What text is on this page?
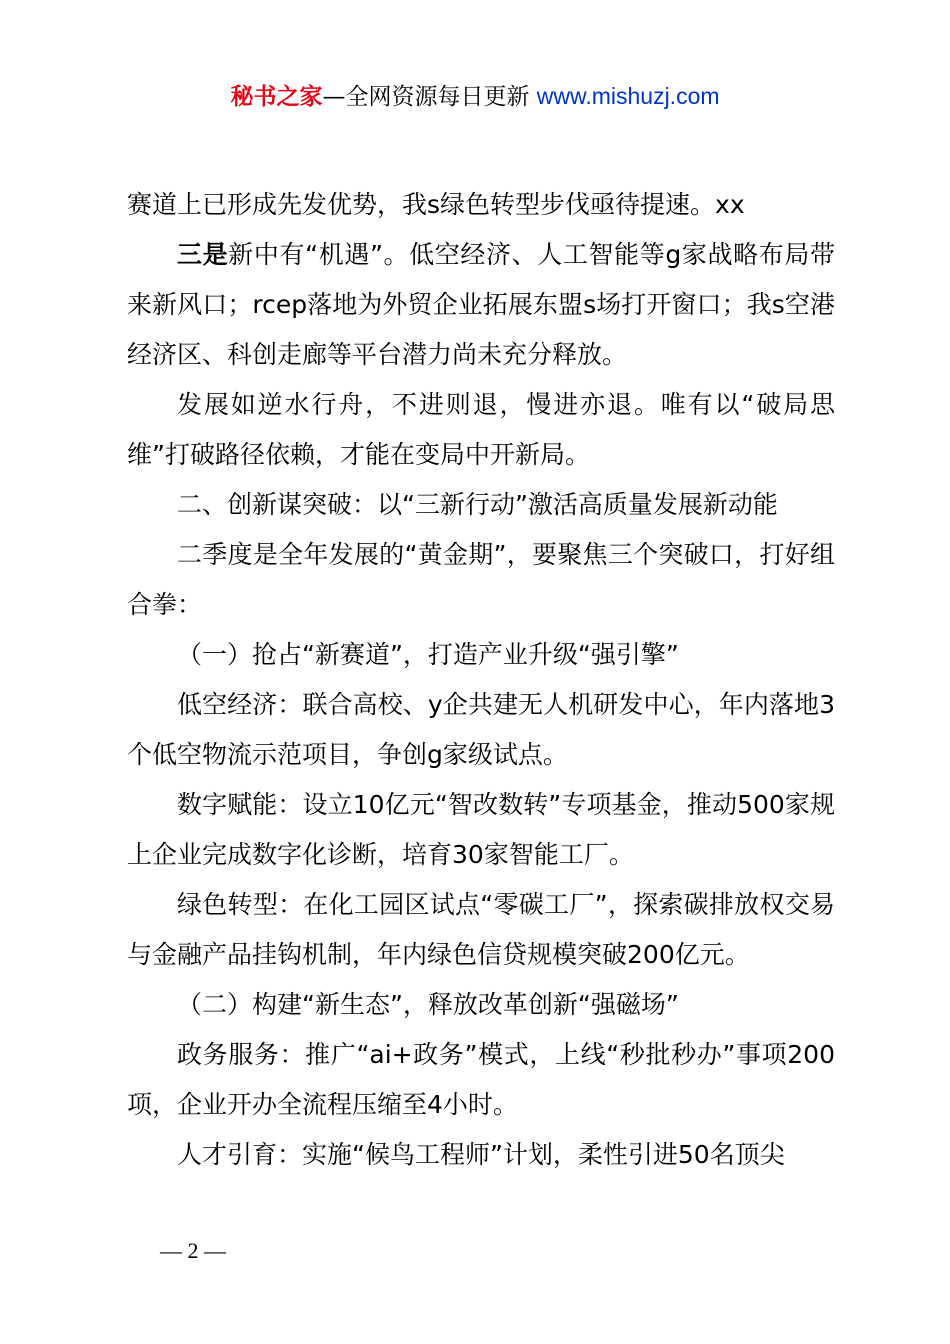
秘书之家—全网资源每日更新 www.mishuzj.com

赛道上已形成先发优势，我s绿色转型步伐亟待提速。xx

三是新中有“机遇”。低空经济、人工智能等g家战略布局带来新风口；rcep落地为外贸企业拓展东盟s场打开窗口；我s空港经济区、科创走廊等平台潜力尚未充分释放。

发展如逆水行舟，不进则退，慢进亦退。唯有以“破局思维”打破路径依赖，才能在变局中开新局。

二、创新谋突破：以“三新行动”激活高质量发展新动能

二季度是全年发展的“黄金期”，要聚焦三个突破口，打好组合拳：

（一）抢占“新赛道”，打造产业升级“强引擎”

低空经济：联合高校、y企共建无人机研发中心，年内落地3个低空物流示范项目，争创g家级试点。

数字赋能：设立10亿元“智改数转”专项基金，推动500家规上企业完成数字化诊断，培育30家智能工厂。

绿色转型：在化工园区试点“零碳工厂”，探索碳排放权交易与金融产品挂钩机制，年内绿色信贷规模突破200亿元。

（二）构建“新生态”，释放改革创新“强磁场”

政务服务：推广“ai+政务”模式，上线“秒批秒办”事项200项，企业开办全流程压缩至4小时。

人才引育：实施“候鸟工程师”计划，柔性引进50名顶尖

— 2 —
